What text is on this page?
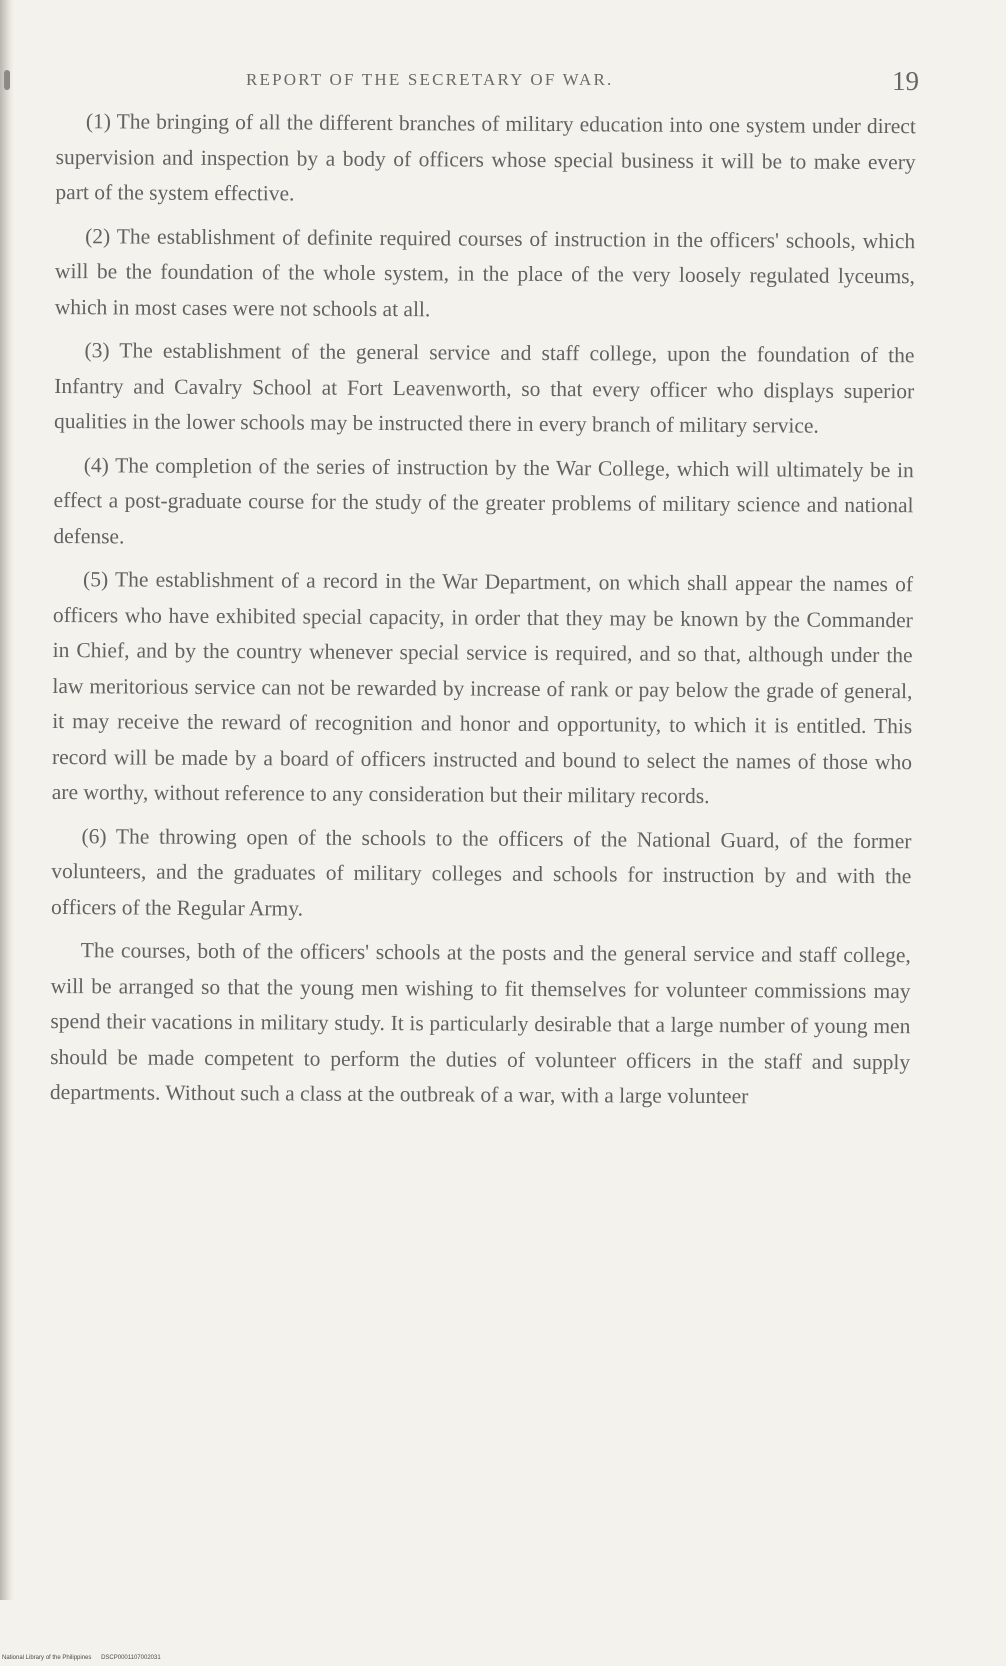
REPORT OF THE SECRETARY OF WAR.	19

(1) The bringing of all the different branches of military education into one system under direct supervision and inspection by a body of officers whose special business it will be to make every part of the system effective.

(2) The establishment of definite required courses of instruction in the officers' schools, which will be the foundation of the whole system, in the place of the very loosely regulated lyceums, which in most cases were not schools at all.

(3) The establishment of the general service and staff college, upon the foundation of the Infantry and Cavalry School at Fort Leavenworth, so that every officer who displays superior qualities in the lower schools may be instructed there in every branch of military service.

(4) The completion of the series of instruction by the War College, which will ultimately be in effect a post-graduate course for the study of the greater problems of military science and national defense.

(5) The establishment of a record in the War Department, on which shall appear the names of officers who have exhibited special capacity, in order that they may be known by the Commander in Chief, and by the country whenever special service is required, and so that, although under the law meritorious service can not be rewarded by increase of rank or pay below the grade of general, it may receive the reward of recognition and honor and opportunity, to which it is entitled. This record will be made by a board of officers instructed and bound to select the names of those who are worthy, without reference to any consideration but their military records.

(6) The throwing open of the schools to the officers of the National Guard, of the former volunteers, and the graduates of military colleges and schools for instruction by and with the officers of the Regular Army.

The courses, both of the officers' schools at the posts and the general service and staff college, will be arranged so that the young men wishing to fit themselves for volunteer commissions may spend their vacations in military study. It is particularly desirable that a large number of young men should be made competent to perform the duties of volunteer officers in the staff and supply departments. Without such a class at the outbreak of a war, with a large volunteer

National Library of the Philippines DSCP0001107002031
